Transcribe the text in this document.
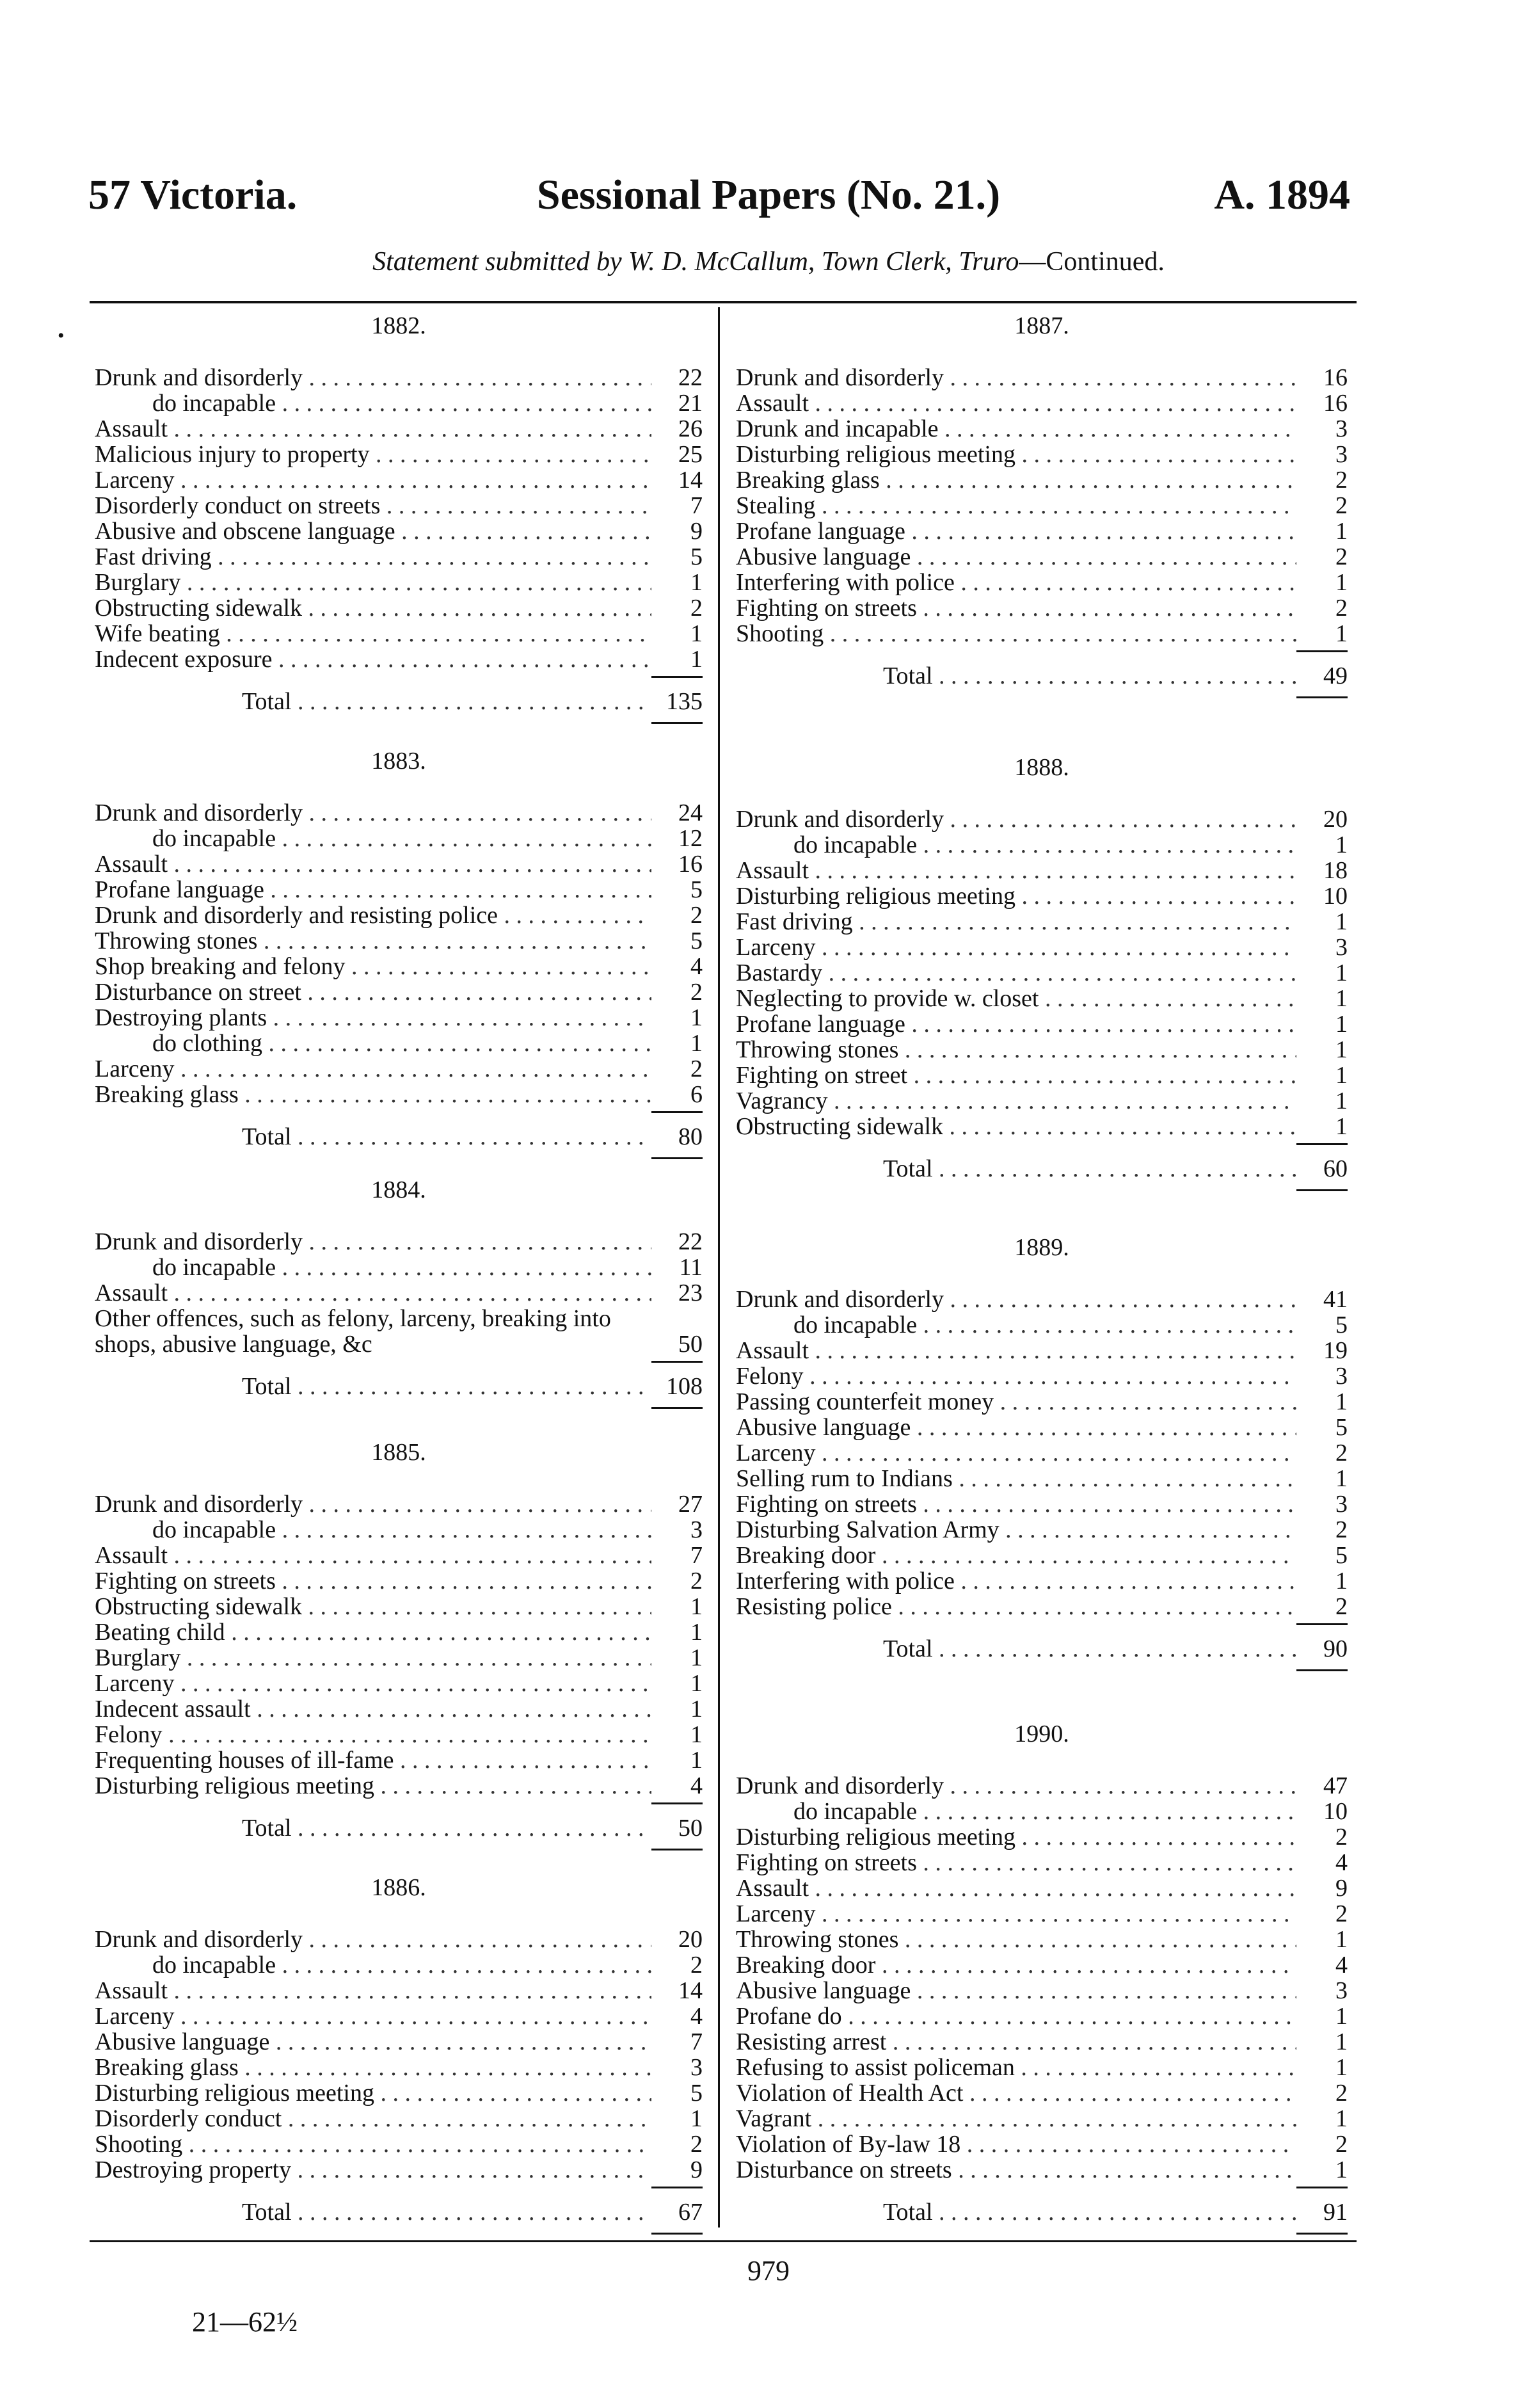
57 Victoria.	Sessional Papers (No. 21.)	A. 1894
Statement submitted by W. D. McCallum, Town Clerk, Truro—Continued.
•	1882.
Drunk and disorderly . . .	22
do incapable . . .	21
Assault . . .	26
Malicious injury to property . . .	25
Larceny . . .	14
Disorderly conduct on streets . . .	7
Abusive and obscene language . . .	9
Fast driving . . .	5
Burglary . . .	1
Obstructing sidewalk . . .	2
Wife beating . . .	1
Indecent exposure . . .	1
Total . . .	135
1883.
Drunk and disorderly . . .	24
do incapable . . .	12
Assault . . .	16
Profane language . . .	5
Drunk and disorderly and resisting police . . .	2
Throwing stones . . .	5
Shop breaking and felony . . .	4
Disturbance on street . . .	2
Destroying plants . . .	1
do clothing . . .	1
Larceny . . .	2
Breaking glass . . .	6
Total . . .	80
1884.
Drunk and disorderly . . .	22
do incapable . . .	11
Assault . . .	23
Other offences, such as felony, larceny, breaking into shops, abusive language, &c	50
Total . . .	108
1885.
Drunk and disorderly . . .	27
do incapable . . .	3
Assault . . .	7
Fighting on streets . . .	2
Obstructing sidewalk . . .	1
Beating child . . .	1
Burglary . . .	1
Larceny . . .	1
Indecent assault . . .	1
Felony . . .	1
Frequenting houses of ill-fame . . .	1
Disturbing religious meeting . . .	4
Total . . .	50
1886.
Drunk and disorderly . . .	20
do incapable . . .	2
Assault . . .	14
Larceny . . .	4
Abusive language . . .	7
Breaking glass . . .	3
Disturbing religious meeting . . .	5
Disorderly conduct . . .	1
Shooting . . .	2
Destroying property . . .	9
Total . . .	67
1887.
Drunk and disorderly . . .	16
Assault . . .	16
Drunk and incapable . . .	3
Disturbing religious meeting . . .	3
Breaking glass . . .	2
Stealing . . .	2
Profane language . . .	1
Abusive language . . .	2
Interfering with police . . .	1
Fighting on streets . . .	2
Shooting . . .	1
Total . . .	49
1888.
Drunk and disorderly . . .	20
do incapable . . .	1
Assault . . .	18
Disturbing religious meeting . . .	10
Fast driving . . .	1
Larceny . . .	3
Bastardy . . .	1
Neglecting to provide w. closet . . .	1
Profane language . . .	1
Throwing stones . . .	1
Fighting on street . . .	1
Vagrancy . . .	1
Obstructing sidewalk . . .	1
Total . . .	60
1889.
Drunk and disorderly . . .	41
do incapable . . .	5
Assault . . .	19
Felony . . .	3
Passing counterfeit money . . .	1
Abusive language . . .	5
Larceny . . .	2
Selling rum to Indians . . .	1
Fighting on streets . . .	3
Disturbing Salvation Army . . .	2
Breaking door . . .	5
Interfering with police . . .	1
Resisting police . . .	2
Total . . .	90
1990.
Drunk and disorderly . . .	47
do incapable . . .	10
Disturbing religious meeting . . .	2
Fighting on streets . . .	4
Assault . . .	9
Larceny . . .	2
Throwing stones . . .	1
Breaking door . . .	4
Abusive language . . .	3
Profane do . . .	1
Resisting arrest . . .	1
Refusing to assist policeman . . .	1
Violation of Health Act . . .	2
Vagrant . . .	1
Violation of By-law 18 . . .	2
Disturbance on streets . . .	1
Total . . .	91
979
21—62½
